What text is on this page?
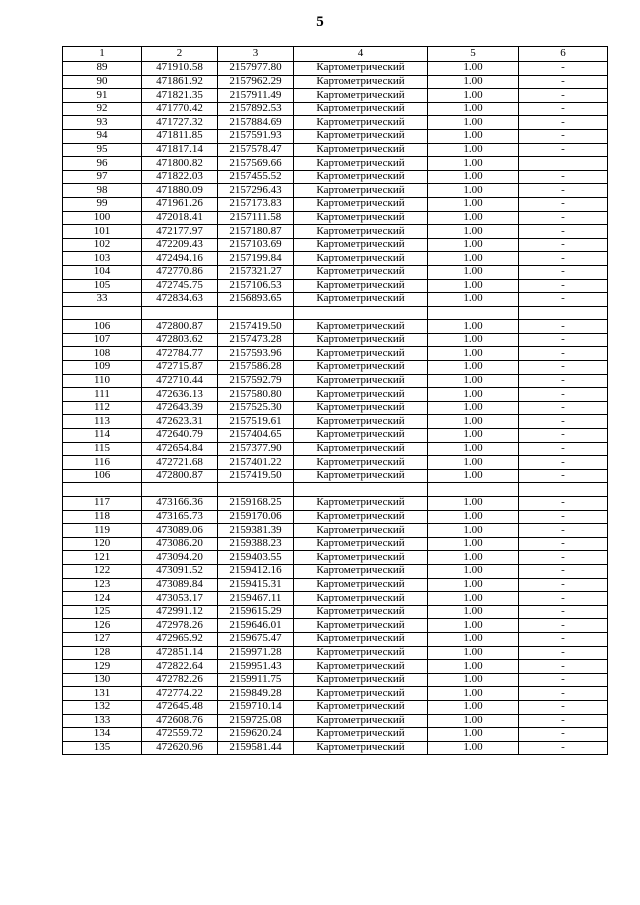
5
1	2	3	4	5	6
89	471910.58	2157977.80	Картометрический	1.00	-
90	471861.92	2157962.29	Картометрический	1.00	-
91	471821.35	2157911.49	Картометрический	1.00	-
92	471770.42	2157892.53	Картометрический	1.00	-
93	471727.32	2157884.69	Картометрический	1.00	-
94	471811.85	2157591.93	Картометрический	1.00	-
95	471817.14	2157578.47	Картометрический	1.00	-
96	471800.82	2157569.66	Картометрический	1.00	
97	471822.03	2157455.52	Картометрический	1.00	-
98	471880.09	2157296.43	Картометрический	1.00	-
99	471961.26	2157173.83	Картометрический	1.00	-
100	472018.41	2157111.58	Картометрический	1.00	-
101	472177.97	2157180.87	Картометрический	1.00	-
102	472209.43	2157103.69	Картометрический	1.00	-
103	472494.16	2157199.84	Картометрический	1.00	-
104	472770.86	2157321.27	Картометрический	1.00	-
105	472745.75	2157106.53	Картометрический	1.00	-
33	472834.63	2156893.65	Картометрический	1.00	-

106	472800.87	2157419.50	Картометрический	1.00	-
107	472803.62	2157473.28	Картометрический	1.00	-
108	472784.77	2157593.96	Картометрический	1.00	-
109	472715.87	2157586.28	Картометрический	1.00	-
110	472710.44	2157592.79	Картометрический	1.00	-
111	472636.13	2157580.80	Картометрический	1.00	-
112	472643.39	2157525.30	Картометрический	1.00	-
113	472623.31	2157519.61	Картометрический	1.00	-
114	472640.79	2157404.65	Картометрический	1.00	-
115	472654.84	2157377.90	Картометрический	1.00	-
116	472721.68	2157401.22	Картометрический	1.00	-
106	472800.87	2157419.50	Картометрический	1.00	-

117	473166.36	2159168.25	Картометрический	1.00	-
118	473165.73	2159170.06	Картометрический	1.00	-
119	473089.06	2159381.39	Картометрический	1.00	-
120	473086.20	2159388.23	Картометрический	1.00	-
121	473094.20	2159403.55	Картометрический	1.00	-
122	473091.52	2159412.16	Картометрический	1.00	-
123	473089.84	2159415.31	Картометрический	1.00	-
124	473053.17	2159467.11	Картометрический	1.00	-
125	472991.12	2159615.29	Картометрический	1.00	-
126	472978.26	2159646.01	Картометрический	1.00	-
127	472965.92	2159675.47	Картометрический	1.00	-
128	472851.14	2159971.28	Картометрический	1.00	-
129	472822.64	2159951.43	Картометрический	1.00	-
130	472782.26	2159911.75	Картометрический	1.00	-
131	472774.22	2159849.28	Картометрический	1.00	-
132	472645.48	2159710.14	Картометрический	1.00	-
133	472608.76	2159725.08	Картометрический	1.00	-
134	472559.72	2159620.24	Картометрический	1.00	-
135	472620.96	2159581.44	Картометрический	1.00	-
